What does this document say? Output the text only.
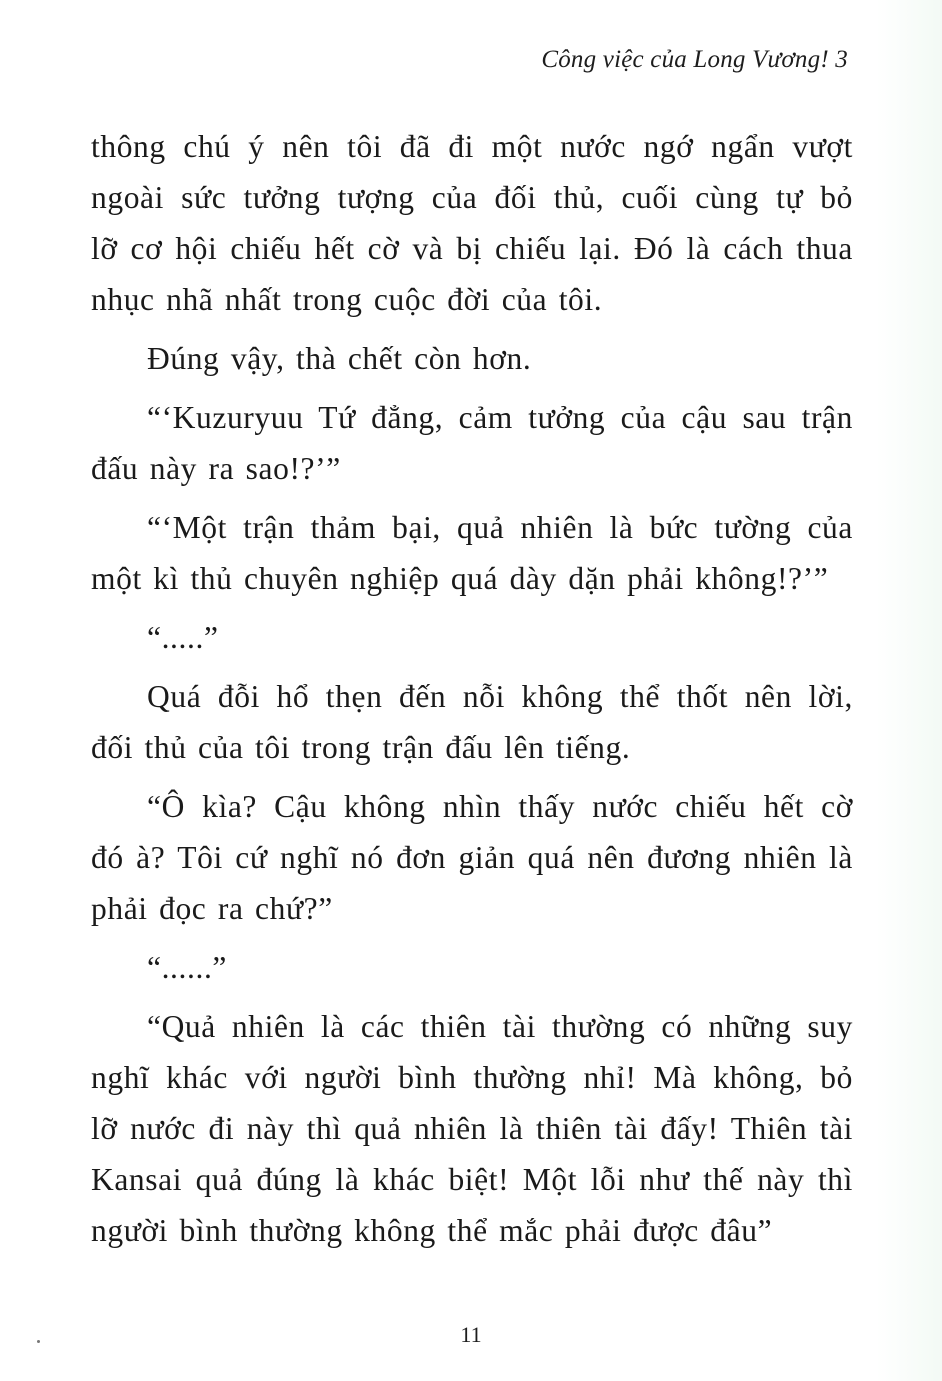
Công việc của Long Vương! 3

thông chú ý nên tôi đã đi một nước ngớ ngẩn vượt
ngoài sức tưởng tượng của đối thủ, cuối cùng tự bỏ
lỡ cơ hội chiếu hết cờ và bị chiếu lại. Đó là cách thua
nhục nhã nhất trong cuộc đời của tôi.

Đúng vậy, thà chết còn hơn.

“‘Kuzuryuu Tứ đẳng, cảm tưởng của cậu sau trận
đấu này ra sao!?’”

“‘Một trận thảm bại, quả nhiên là bức tường của
một kì thủ chuyên nghiệp quá dày dặn phải không!?’”

“.....”

Quá đỗi hổ thẹn đến nỗi không thể thốt nên lời,
đối thủ của tôi trong trận đấu lên tiếng.

“Ô kìa? Cậu không nhìn thấy nước chiếu hết cờ
đó à? Tôi cứ nghĩ nó đơn giản quá nên đương nhiên là
phải đọc ra chứ?”

“......”

“Quả nhiên là các thiên tài thường có những suy
nghĩ khác với người bình thường nhỉ! Mà không, bỏ
lỡ nước đi này thì quả nhiên là thiên tài đấy! Thiên tài
Kansai quả đúng là khác biệt! Một lỗi như thế này thì
người bình thường không thể mắc phải được đâu”

11
